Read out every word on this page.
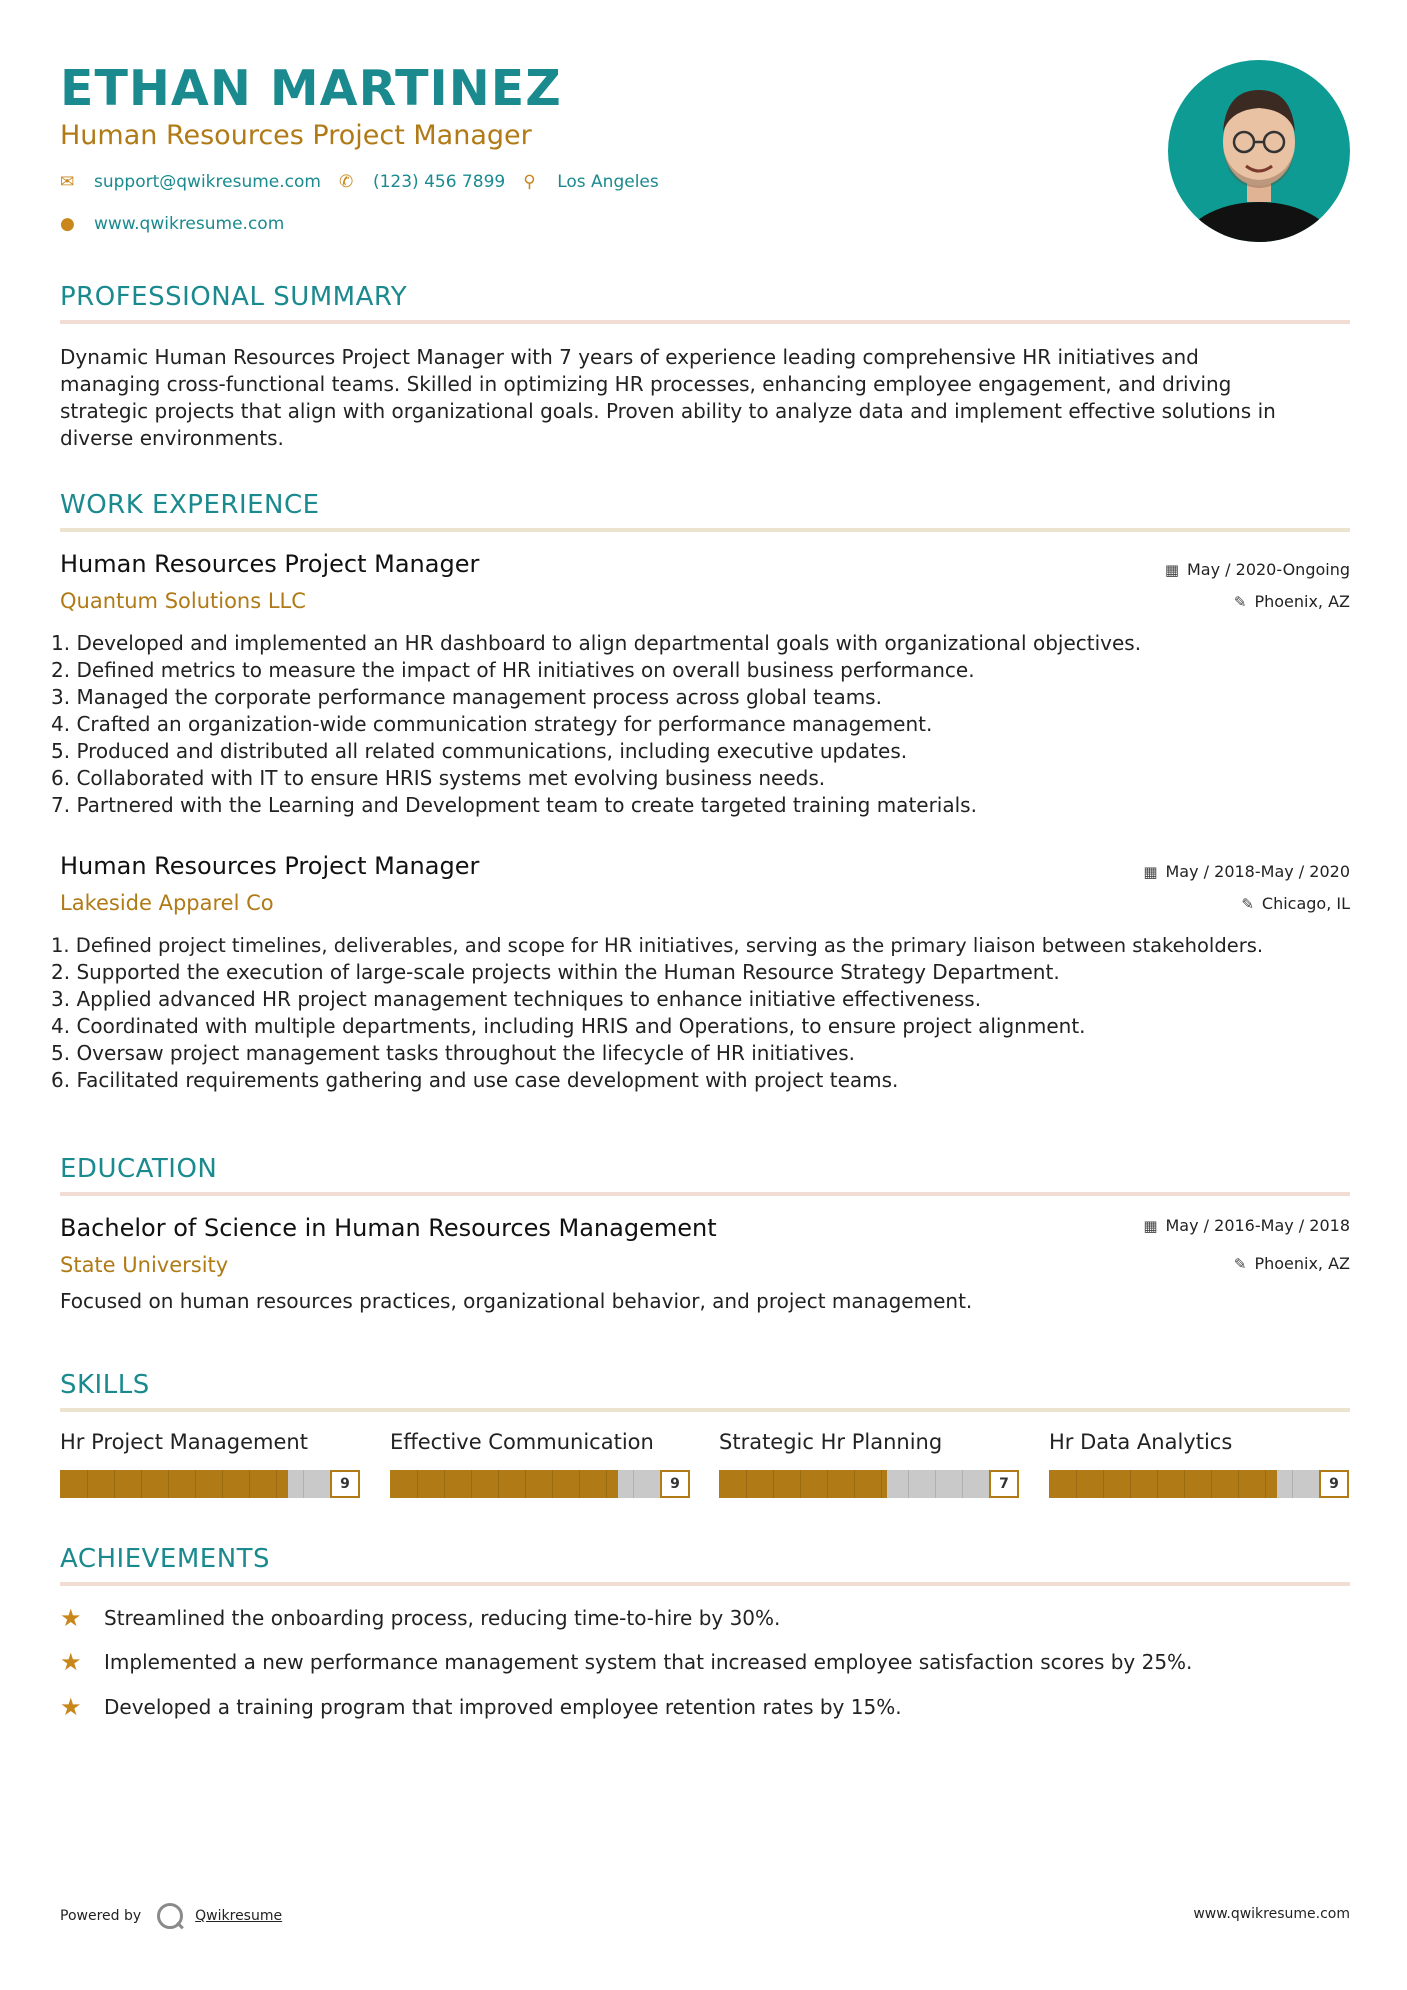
ETHAN MARTINEZ
Human Resources Project Manager
✉	support@qwikresume.com ✆	(123) 456 7899 ⚲	Los Angeles
●	www.qwikresume.com
PROFESSIONAL SUMMARY
Dynamic Human Resources Project Manager with 7 years of experience leading comprehensive HR initiatives and
managing cross-functional teams. Skilled in optimizing HR processes, enhancing employee engagement, and driving
strategic projects that align with organizational goals. Proven ability to analyze data and implement effective solutions in
diverse environments.
WORK EXPERIENCE
Human Resources Project Manager
Quantum Solutions LLC
▦ May / 2020-Ongoing
✎ Phoenix, AZ
1. Developed and implemented an HR dashboard to align departmental goals with organizational objectives.
2. Defined metrics to measure the impact of HR initiatives on overall business performance.
3. Managed the corporate performance management process across global teams.
4. Crafted an organization-wide communication strategy for performance management.
5. Produced and distributed all related communications, including executive updates.
6. Collaborated with IT to ensure HRIS systems met evolving business needs.
7. Partnered with the Learning and Development team to create targeted training materials.
Human Resources Project Manager
Lakeside Apparel Co
▦ May / 2018-May / 2020
✎ Chicago, IL
1. Defined project timelines, deliverables, and scope for HR initiatives, serving as the primary liaison between stakeholders.
2. Supported the execution of large-scale projects within the Human Resource Strategy Department.
3. Applied advanced HR project management techniques to enhance initiative effectiveness.
4. Coordinated with multiple departments, including HRIS and Operations, to ensure project alignment.
5. Oversaw project management tasks throughout the lifecycle of HR initiatives.
6. Facilitated requirements gathering and use case development with project teams.
EDUCATION
Bachelor of Science in Human Resources Management
State University
▦ May / 2016-May / 2018
✎ Phoenix, AZ
Focused on human resources practices, organizational behavior, and project management.
SKILLS
Hr Project Management
9
Effective Communication
9
Strategic Hr Planning
7
Hr Data Analytics
9
ACHIEVEMENTS
★	Streamlined the onboarding process, reducing time-to-hire by 30%.
★	Implemented a new performance management system that increased employee satisfaction scores by 25%.
★	Developed a training program that improved employee retention rates by 15%.
Powered by	Qwikresume	www.qwikresume.com
